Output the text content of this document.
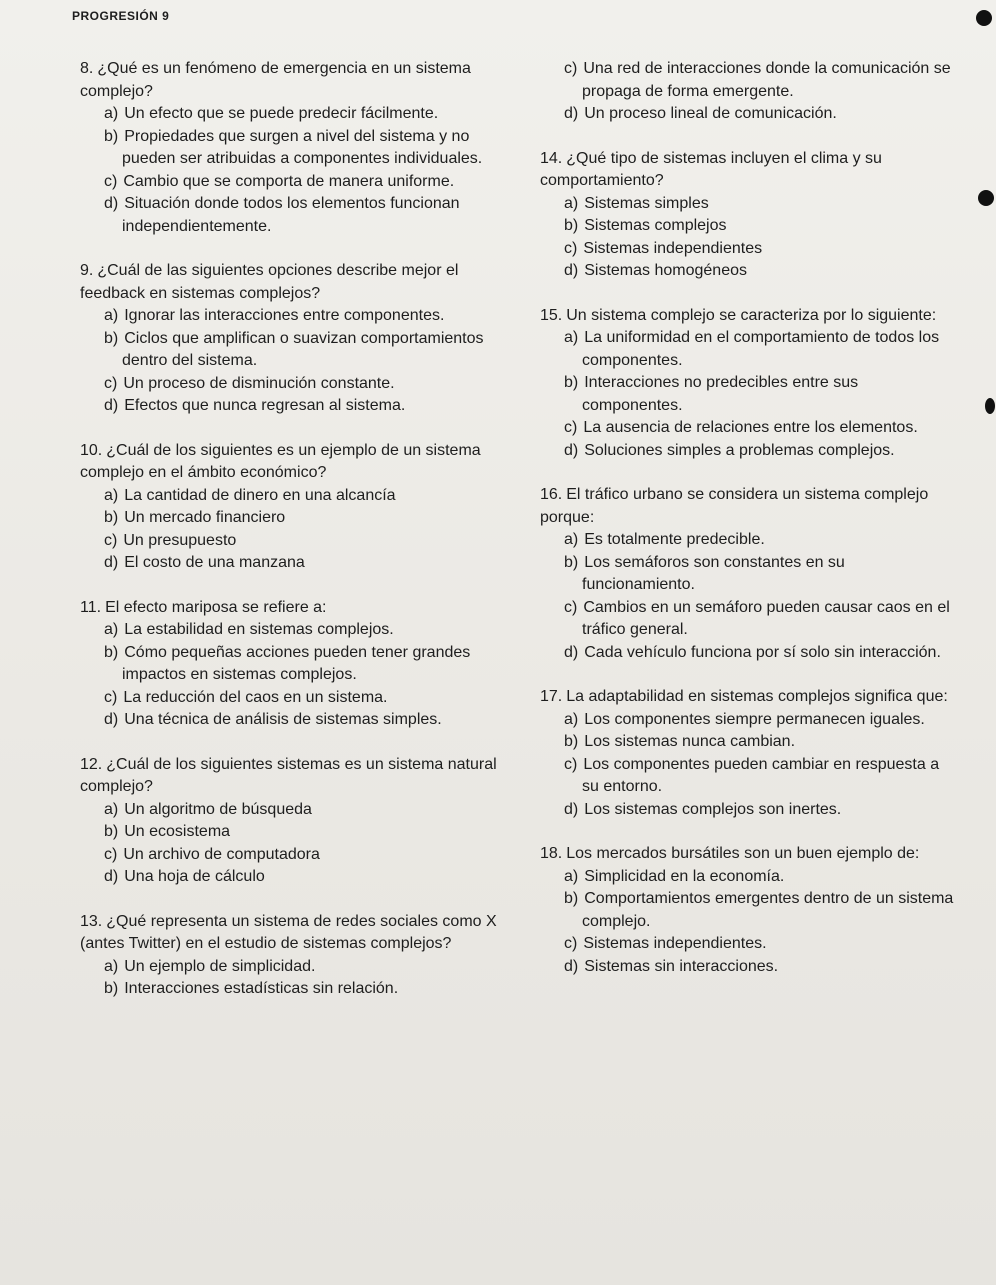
PROGRESIÓN 9
8. ¿Qué es un fenómeno de emergencia en un sistema complejo?
a) Un efecto que se puede predecir fácilmente.
b) Propiedades que surgen a nivel del sistema y no pueden ser atribuidas a componentes individuales.
c) Cambio que se comporta de manera uniforme.
d) Situación donde todos los elementos funcionan independientemente.
9. ¿Cuál de las siguientes opciones describe mejor el feedback en sistemas complejos?
a) Ignorar las interacciones entre componentes.
b) Ciclos que amplifican o suavizan comportamientos dentro del sistema.
c) Un proceso de disminución constante.
d) Efectos que nunca regresan al sistema.
10. ¿Cuál de los siguientes es un ejemplo de un sistema complejo en el ámbito económico?
a) La cantidad de dinero en una alcancía
b) Un mercado financiero
c) Un presupuesto
d) El costo de una manzana
11. El efecto mariposa se refiere a:
a) La estabilidad en sistemas complejos.
b) Cómo pequeñas acciones pueden tener grandes impactos en sistemas complejos.
c) La reducción del caos en un sistema.
d) Una técnica de análisis de sistemas simples.
12. ¿Cuál de los siguientes sistemas es un sistema natural complejo?
a) Un algoritmo de búsqueda
b) Un ecosistema
c) Un archivo de computadora
d) Una hoja de cálculo
13. ¿Qué representa un sistema de redes sociales como X (antes Twitter) en el estudio de sistemas complejos?
a) Un ejemplo de simplicidad.
b) Interacciones estadísticas sin relación.
c) Una red de interacciones donde la comunicación se propaga de forma emergente.
d) Un proceso lineal de comunicación.
14. ¿Qué tipo de sistemas incluyen el clima y su comportamiento?
a) Sistemas simples
b) Sistemas complejos
c) Sistemas independientes
d) Sistemas homogéneos
15. Un sistema complejo se caracteriza por lo siguiente:
a) La uniformidad en el comportamiento de todos los componentes.
b) Interacciones no predecibles entre sus componentes.
c) La ausencia de relaciones entre los elementos.
d) Soluciones simples a problemas complejos.
16. El tráfico urbano se considera un sistema complejo porque:
a) Es totalmente predecible.
b) Los semáforos son constantes en su funcionamiento.
c) Cambios en un semáforo pueden causar caos en el tráfico general.
d) Cada vehículo funciona por sí solo sin interacción.
17. La adaptabilidad en sistemas complejos significa que:
a) Los componentes siempre permanecen iguales.
b) Los sistemas nunca cambian.
c) Los componentes pueden cambiar en respuesta a su entorno.
d) Los sistemas complejos son inertes.
18. Los mercados bursátiles son un buen ejemplo de:
a) Simplicidad en la economía.
b) Comportamientos emergentes dentro de un sistema complejo.
c) Sistemas independientes.
d) Sistemas sin interacciones.
